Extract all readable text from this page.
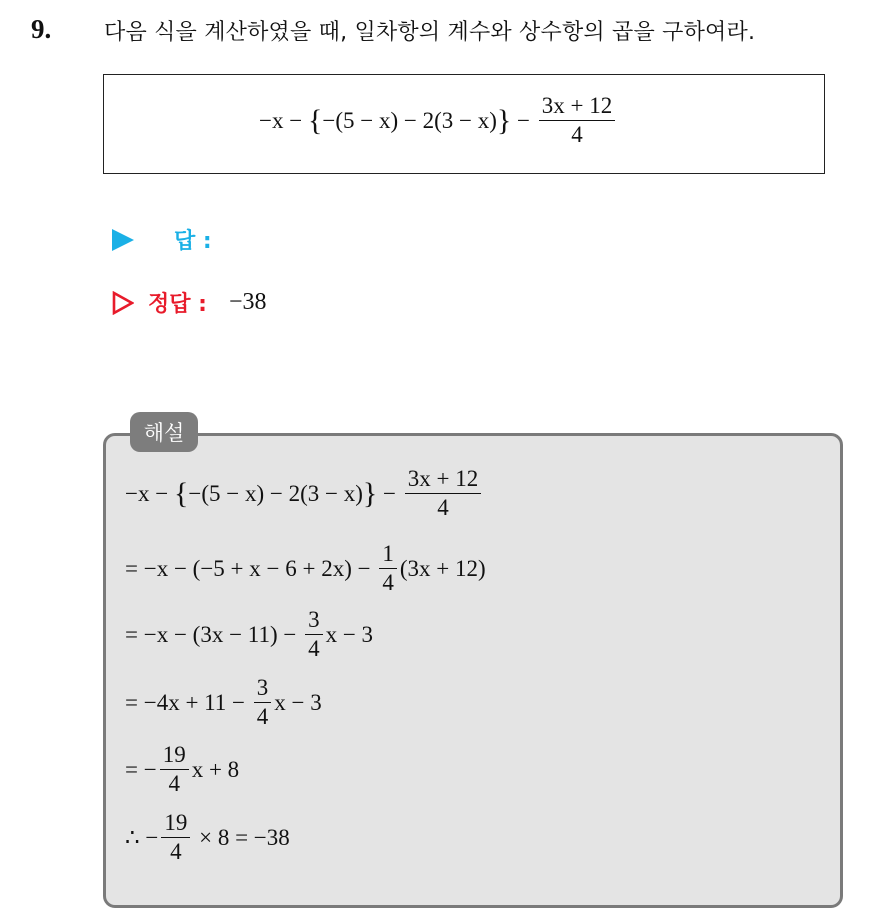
9. 다음 식을 계산하였을 때, 일차항의 계수와 상수항의 곱을 구하여라.
−x − { −(5 − x) − 2(3 − x) } − $\frac{3x + 12}{4}$
답 :
정답 : −38
해설
−x − { −(5 − x) − 2(3 − x) } − $\frac{3x + 12}{4}$
= $-x - (-5 + x - 6 + 2x) - \frac{1}{4} (3x + 12)$
= $-x - (3x - 11) - \frac{3}{4}$ x − 3
= $-4x + 11 - \frac{3}{4}$ x − 3
= − $\frac{19}{4}$ x + 8
∴ − $\frac{19}{4} \times 8 = -38$
